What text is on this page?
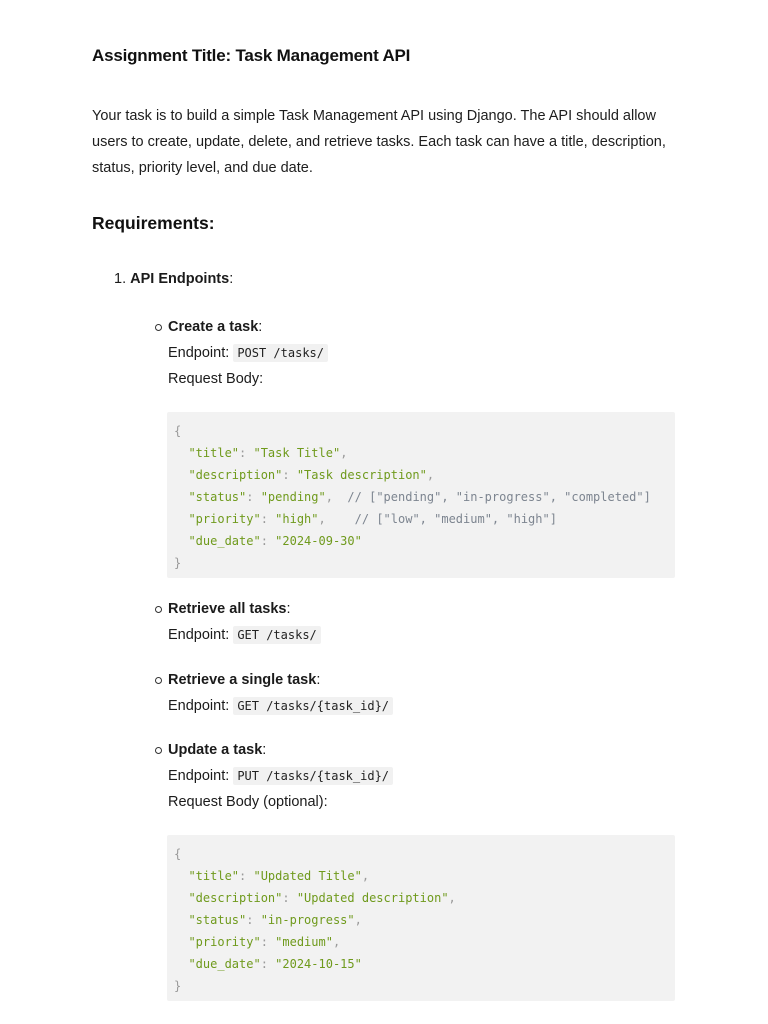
Assignment Title: Task Management API

Your task is to build a simple Task Management API using Django. The API should allow users to create, update, delete, and retrieve tasks. Each task can have a title, description, status, priority level, and due date.

Requirements:
1. API Endpoints:
Create a task:
Endpoint: POST /tasks/
Request Body:
{
"title": "Task Title",
"description": "Task description",
"status": "pending",  // ["pending", "in-progress", "completed"]
"priority": "high",    // ["low", "medium", "high"]
"due_date": "2024-09-30"
}
Retrieve all tasks:
Endpoint: GET /tasks/
Retrieve a single task:
Endpoint: GET /tasks/{task_id}/
Update a task:
Endpoint: PUT /tasks/{task_id}/
Request Body (optional):
{
"title": "Updated Title",
"description": "Updated description",
"status": "in-progress",
"priority": "medium",
"due_date": "2024-10-15"
}
